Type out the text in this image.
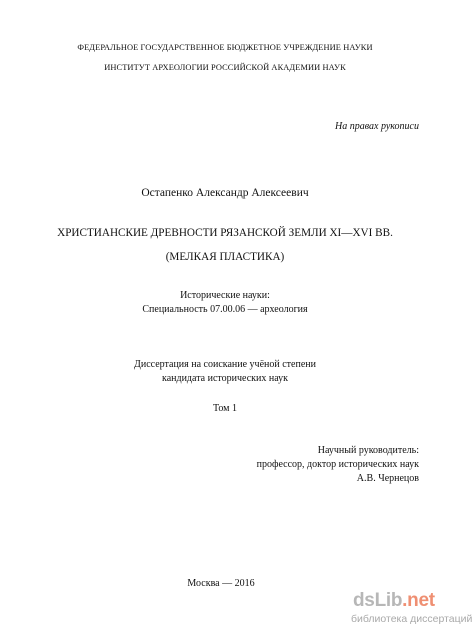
ФЕДЕРАЛЬНОЕ ГОСУДАРСТВЕННОЕ БЮДЖЕТНОЕ УЧРЕЖДЕНИЕ НАУКИ
ИНСТИТУТ АРХЕОЛОГИИ РОССИЙСКОЙ АКАДЕМИИ НАУК
На правах рукописи
Остапенко Александр Алексеевич
ХРИСТИАНСКИЕ ДРЕВНОСТИ РЯЗАНСКОЙ ЗЕМЛИ XI—XVI ВВ.
(МЕЛКАЯ ПЛАСТИКА)
Исторические науки:
Специальность 07.00.06 — археология
Диссертация на соискание учёной степени
кандидата исторических наук
Том 1
Научный руководитель:
профессор, доктор исторических наук
А.В. Чернецов
Москва — 2016
dsLib.net
библиотека диссертаций
